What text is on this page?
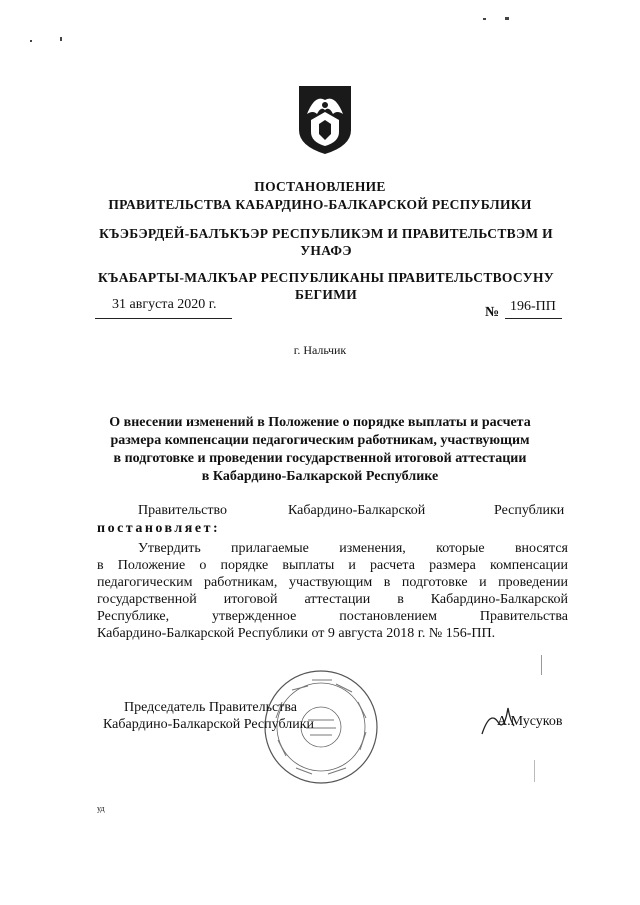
ПОСТАНОВЛЕНИЕ
ПРАВИТЕЛЬСТВА КАБАРДИНО-БАЛКАРСКОЙ РЕСПУБЛИКИ
КЪЭБЭРДЕЙ-БАЛЪКЪЭР РЕСПУБЛИКЭМ И ПРАВИТЕЛЬСТВЭМ И УНАФЭ
КЪАБАРТЫ-МАЛКЪАР РЕСПУБЛИКАНЫ ПРАВИТЕЛЬСТВОСУНУ БЕГИМИ
31 августа 2020 г.
№ 196-ПП
г. Нальчик
О внесении изменений в Положение о порядке выплаты и расчета
размера компенсации педагогическим работникам, участвующим
в подготовке и проведении государственной итоговой аттестации
в Кабардино-Балкарской Республике
Правительство	Кабардино-Балкарской	Республики
постановляет:
Утвердить прилагаемые изменения, которые вносятся
в Положение о порядке выплаты и расчета размера компенсации
педагогическим работникам, участвующим в подготовке и проведении
государственной итоговой аттестации в Кабардино-Балкарской
Республике, утвержденное постановлением Правительства
Кабардино-Балкарской Республики от 9 августа 2018 г. № 156-ПП.
Председатель Правительства
Кабардино-Балкарской Республики	А.Мусуков
уд
